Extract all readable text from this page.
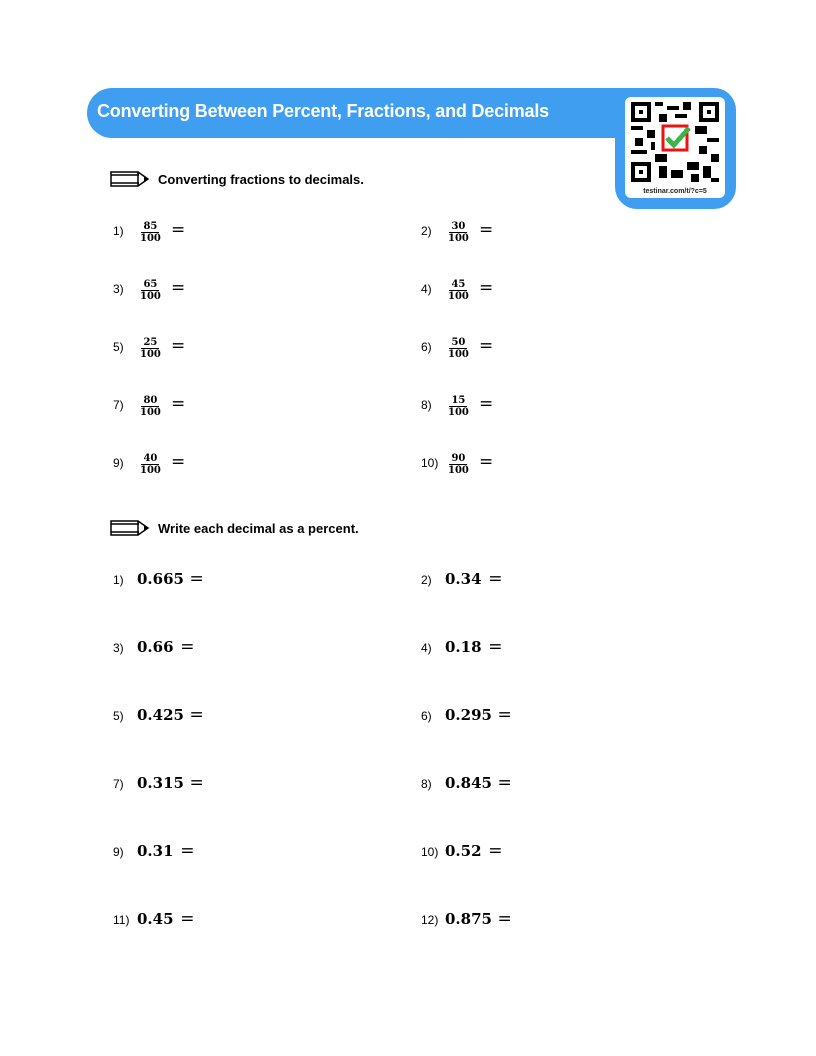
Converting Between Percent, Fractions, and Decimals
testinar.com/t/?c=5
Converting fractions to decimals.
Write each decimal as a percent.
$1) \frac{85}{100}$ =	$2) \frac{30}{100}$ =
$3) \frac{65}{100}$ =	$4) \frac{45}{100}$ =
$5) \frac{25}{100}$ =	$6) \frac{50}{100}$ =
$7) \frac{80}{100}$ =	$8) \frac{15}{100}$ =
$9) \frac{40}{100}$ =	$10) \frac{90}{100}$ =
1) 0.665 =	2) 0.34 =
3) 0.66 =	4) 0.18 =
5) 0.425 =	6) 0.295 =
7) 0.315 =	8) 0.845 =
9) 0.31 =	10) 0.52 =
11) 0.45 =	12) 0.875 =
